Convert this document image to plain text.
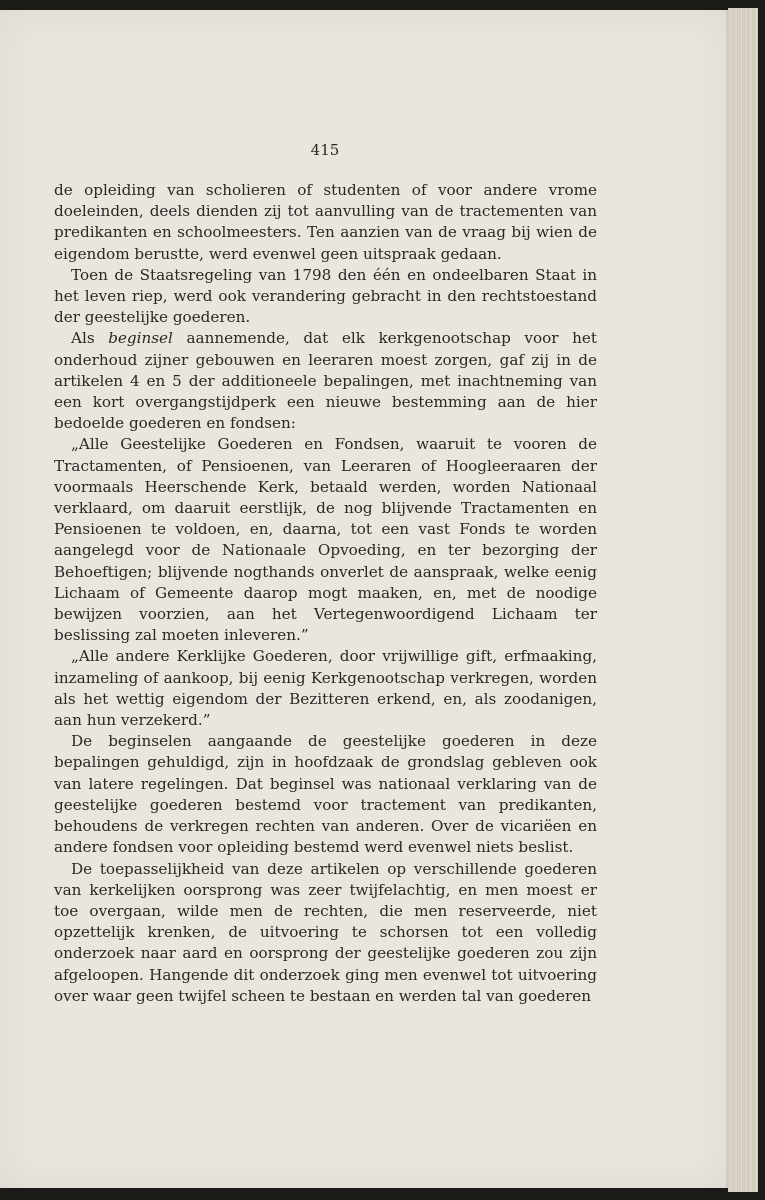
415

de opleiding van scholieren of studenten of voor andere vrome doeleinden, deels dienden zij tot aanvulling van de tractementen van predikanten en schoolmeesters. Ten aanzien van de vraag bij wien de eigendom berustte, werd evenwel geen uitspraak gedaan.

Toen de Staatsregeling van 1798 den één en ondeelbaren Staat in het leven riep, werd ook verandering gebracht in den rechtstoestand der geestelijke goederen.

Als beginsel aannemende, dat elk kerkgenootschap voor het onderhoud zijner gebouwen en leeraren moest zorgen, gaf zij in de artikelen 4 en 5 der additioneele bepalingen, met inachtneming van een kort overgangstijdperk een nieuwe bestemming aan de hier bedoelde goederen en fondsen:

„Alle Geestelijke Goederen en Fondsen, waaruit te vooren de Tractamenten, of Pensioenen, van Leeraren of Hoogleeraaren der voormaals Heerschende Kerk, betaald werden, worden Nationaal verklaard, om daaruit eerstlijk, de nog blijvende Tractamenten en Pensioenen te voldoen, en, daarna, tot een vast Fonds te worden aangelegd voor de Nationaale Opvoeding, en ter bezorging der Behoeftigen; blijvende nogthands onverlet de aanspraak, welke eenig Lichaam of Gemeente daarop mogt maaken, en, met de noodige bewijzen voorzien, aan het Vertegenwoordigend Lichaam ter beslissing zal moeten inleveren.”

„Alle andere Kerklijke Goederen, door vrijwillige gift, erfmaaking, inzameling of aankoop, bij eenig Kerkgenootschap verkregen, worden als het wettig eigendom der Bezitteren erkend, en, als zoodanigen, aan hun verzekerd.”

De beginselen aangaande de geestelijke goederen in deze bepalingen gehuldigd, zijn in hoofdzaak de grondslag gebleven ook van latere regelingen. Dat beginsel was nationaal verklaring van de geestelijke goederen bestemd voor tractement van predikanten, behoudens de verkregen rechten van anderen. Over de vicariëen en andere fondsen voor opleiding bestemd werd evenwel niets beslist.

De toepasselijkheid van deze artikelen op verschillende goederen van kerkelijken oorsprong was zeer twijfelachtig, en men moest er toe overgaan, wilde men de rechten, die men reserveerde, niet opzettelijk krenken, de uitvoering te schorsen tot een volledig onderzoek naar aard en oorsprong der geestelijke goederen zou zijn afgeloopen. Hangende dit onderzoek ging men evenwel tot uitvoering over waar geen twijfel scheen te bestaan en werden tal van goederen
